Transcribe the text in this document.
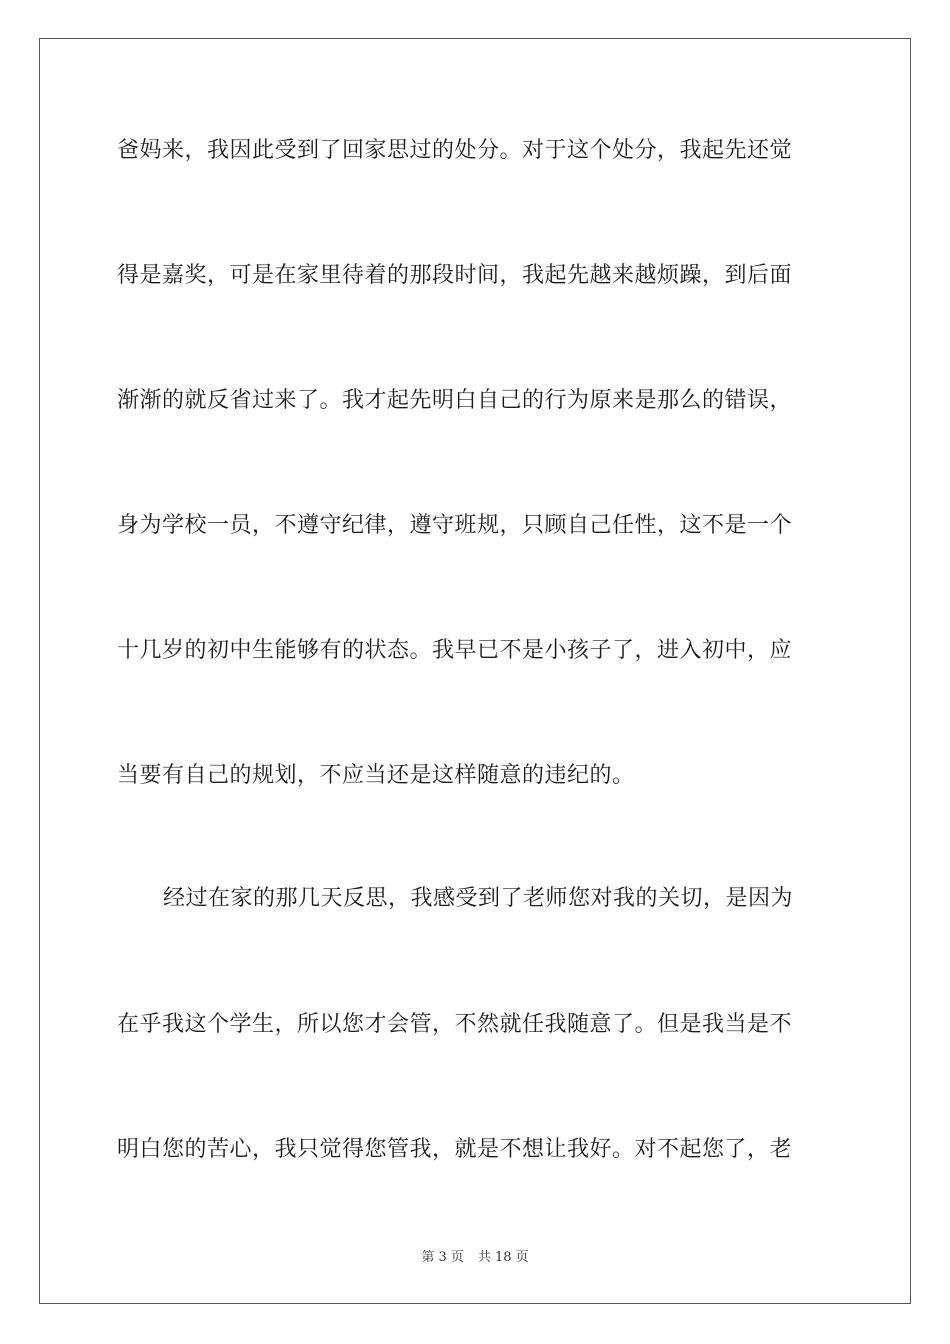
爸妈来，我因此受到了回家思过的处分。对于这个处分，我起先还觉
得是嘉奖，可是在家里待着的那段时间，我起先越来越烦躁，到后面
渐渐的就反省过来了。我才起先明白自己的行为原来是那么的错误，
身为学校一员，不遵守纪律，遵守班规，只顾自己任性，这不是一个
十几岁的初中生能够有的状态。我早已不是小孩子了，进入初中，应
当要有自己的规划，不应当还是这样随意的违纪的。
经过在家的那几天反思，我感受到了老师您对我的关切，是因为
在乎我这个学生，所以您才会管，不然就任我随意了。但是我当是不
明白您的苦心，我只觉得您管我，就是不想让我好。对不起您了，老
第 3 页 共 18 页
